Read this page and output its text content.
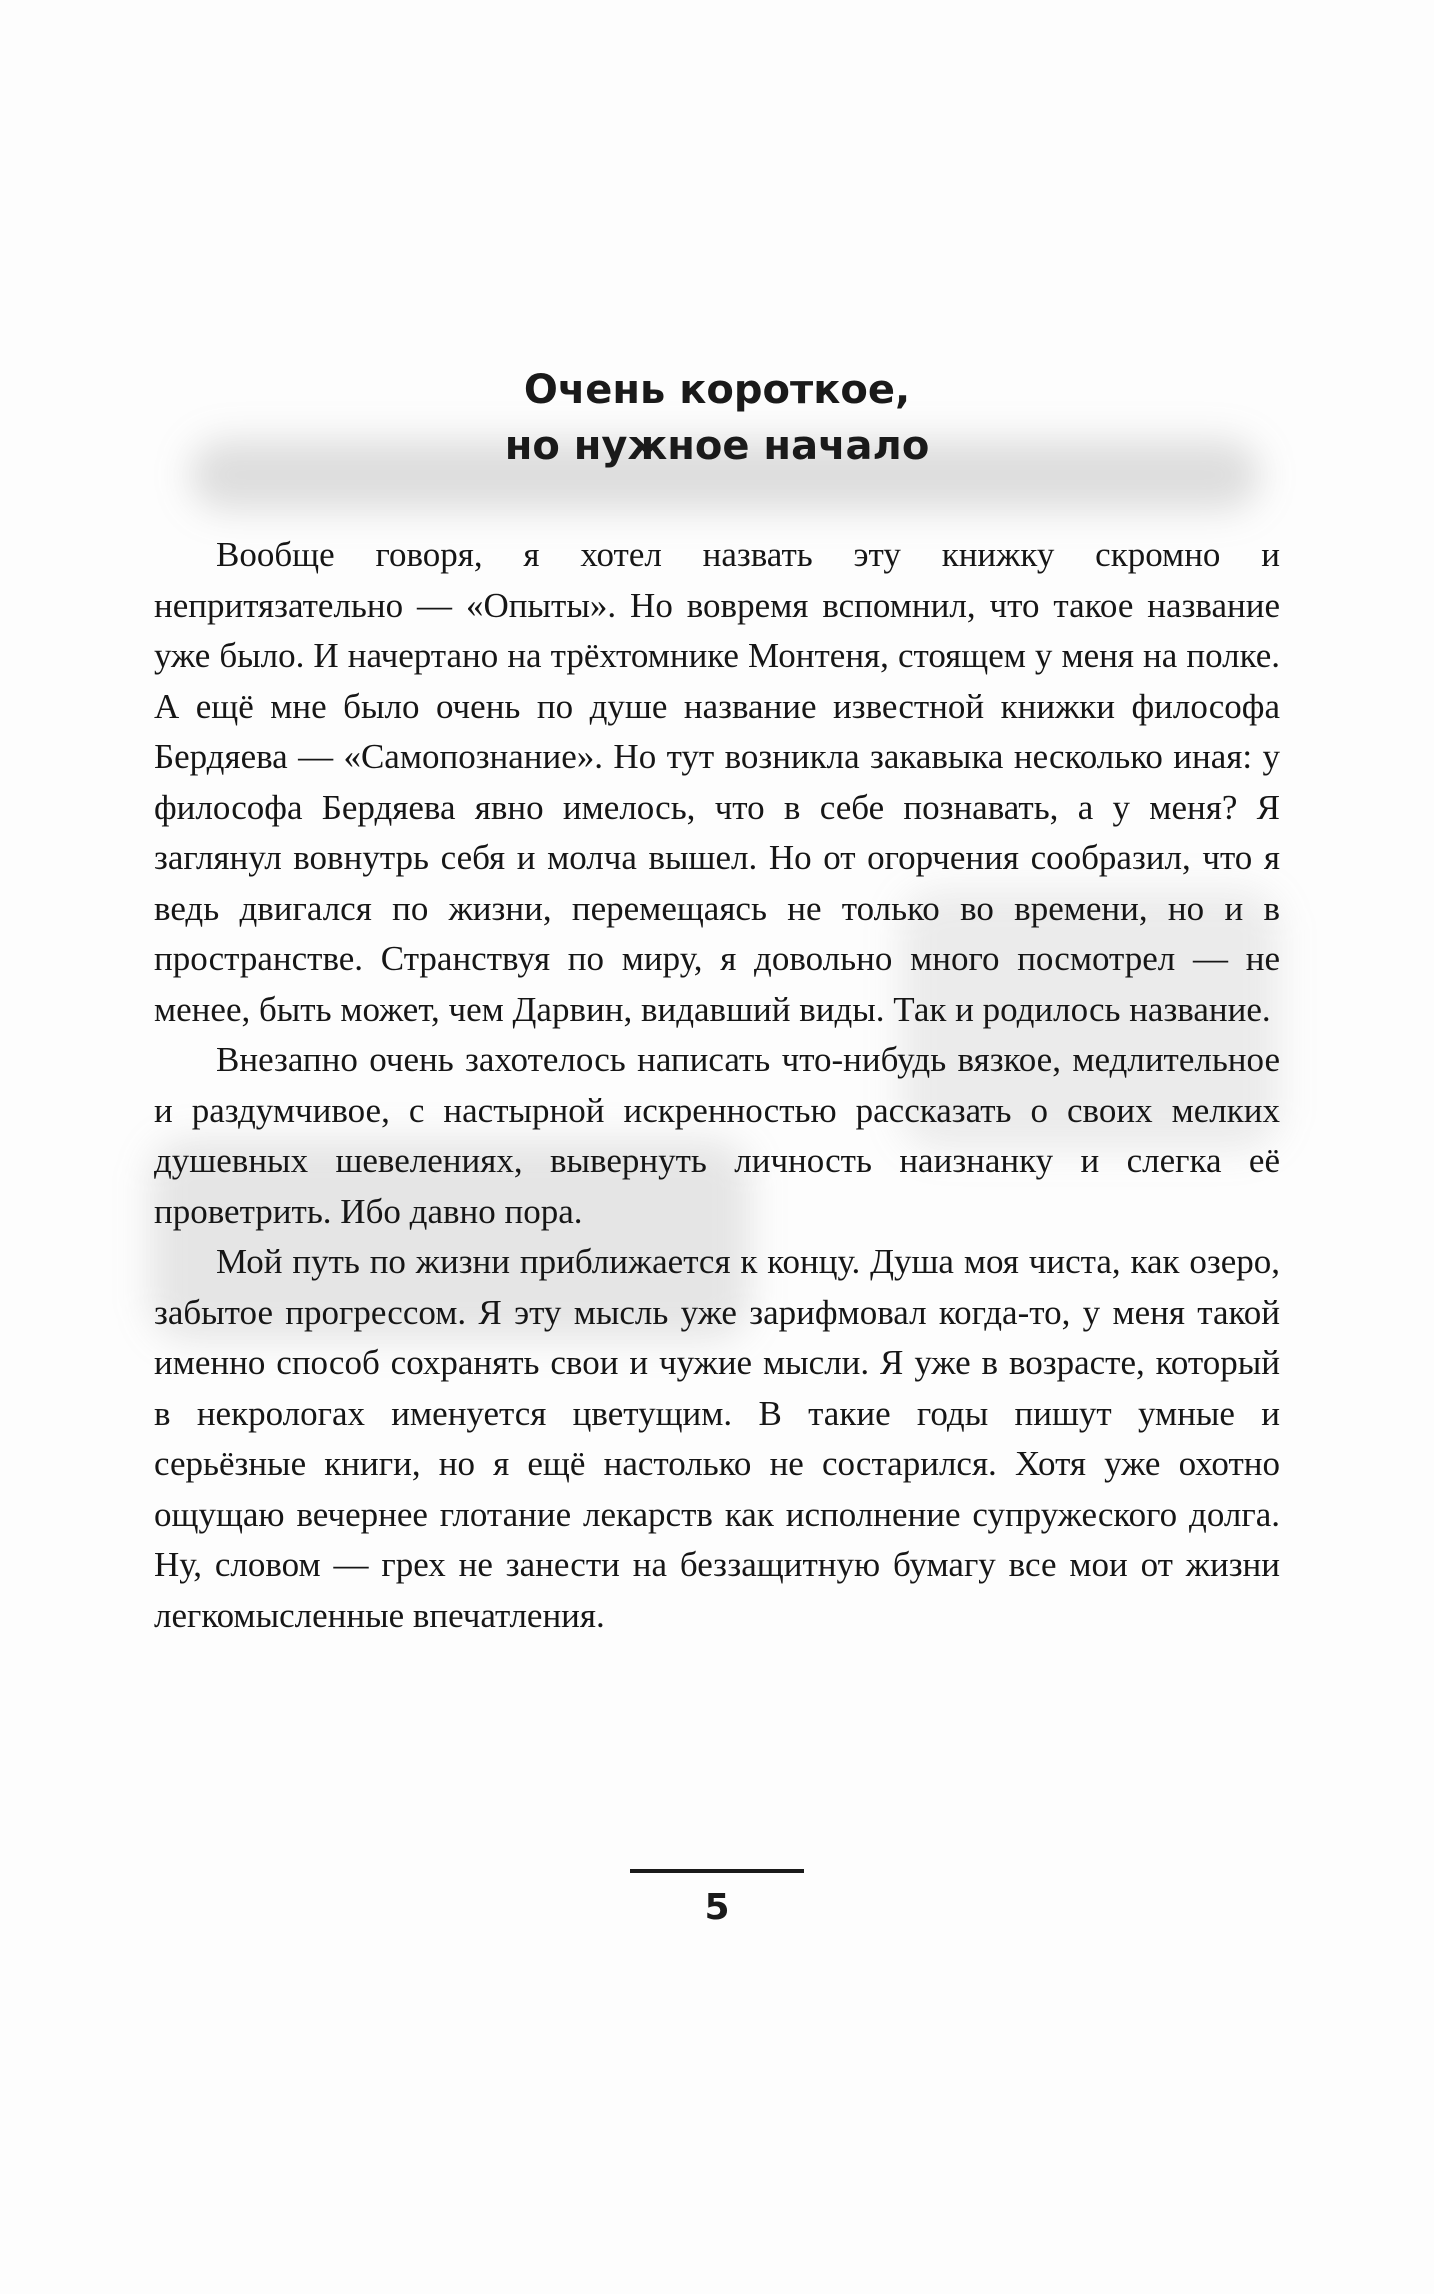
Очень короткое,
но нужное начало

Вообще говоря, я хотел назвать эту книжку скромно и непритязательно — «Опыты». Но вовремя вспомнил, что такое название уже было. И начертано на трёхтомнике Монтеня, стоящем у меня на полке. А ещё мне было очень по душе название известной книжки философа Бердяева — «Самопознание». Но тут возникла закавыка несколько иная: у философа Бердяева явно имелось, что в себе познавать, а у меня? Я заглянул вовнутрь себя и молча вышел. Но от огорчения сообразил, что я ведь двигался по жизни, перемещаясь не только во времени, но и в пространстве. Странствуя по миру, я довольно много посмотрел — не менее, быть может, чем Дарвин, видавший виды. Так и родилось название.

Внезапно очень захотелось написать что-нибудь вязкое, медлительное и раздумчивое, с настырной искренностью рассказать о своих мелких душевных шевелениях, вывернуть личность наизнанку и слегка её проветрить. Ибо давно пора.

Мой путь по жизни приближается к концу. Душа моя чиста, как озеро, забытое прогрессом. Я эту мысль уже зарифмовал когда-то, у меня такой именно способ сохранять свои и чужие мысли. Я уже в возрасте, который в некрологах именуется цветущим. В такие годы пишут умные и серьёзные книги, но я ещё настолько не состарился. Хотя уже охотно ощущаю вечернее глотание лекарств как исполнение супружеского долга. Ну, словом — грех не занести на беззащитную бумагу все мои от жизни легкомысленные впечатления.

5
